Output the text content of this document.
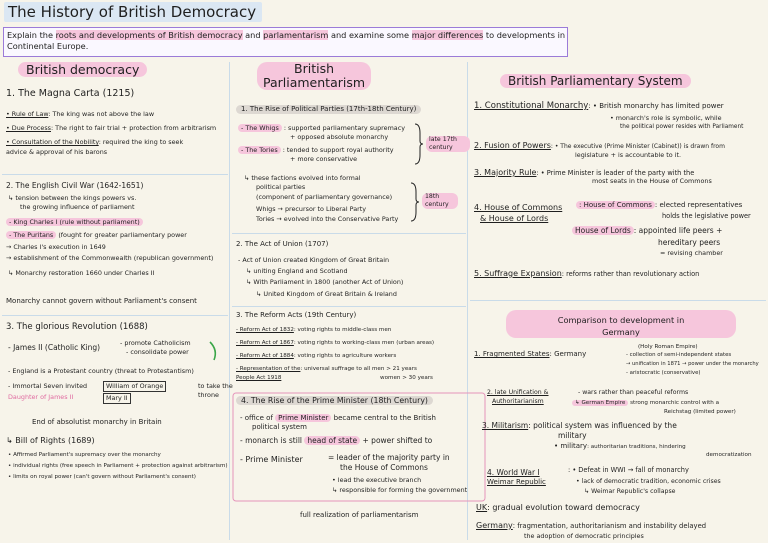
The History of British Democracy
Explain the roots and developments of British democracy and parlamentarism and examine some major differences to developments in Continental Europe.
British democracy
1. The Magna Carta (1215)
• Rule of Law: The king was not above the law
• Due Process: The right to fair trial + protection from arbitrarism
• Consultation of the Nobility: required the king to seek
advice & approval of his barons
2. The English Civil War (1642-1651)
↳ tension between the kings powers vs.
the growing influence of parliament
- King Charles I (rule without parliament)
- The Puritans (fought for greater parliamentary power
→ Charles I's execution in 1649
→ establishment of the Commonwealth (republican government)
↳ Monarchy restoration 1660 under Charles II
Monarchy cannot govern without Parliament's consent
3. The glorious Revolution (1688)
- James II (Catholic King)	- promote Catholicism
- consolidate power
- England is a Protestant country (threat to Protestantism)
- Immortal Seven invited	William of Orange	to take the throne
Daughter of James II	Mary II
End of absolutist monarchy in Britain
↳ Bill of Rights (1689)
• Affirmed Parliament's supremacy over the monarchy
• individual rights (free speech in Parliament + protection against arbitrarism)
• limits on royal power (can't govern without Parliament's consent)
British
Parliamentarism
1. The Rise of Political Parties (17th-18th Century)
- The Whigs : supported parliamentary supremacy
+ opposed absolute monarchy
- The Tories : tended to support royal authority
+ more conservative
late 17th century
↳ these factions evolved into formal
political parties
(component of parliamentary governance)
Whigs → precursor to Liberal Party
Tories → evolved into the Conservative Party
18th century
2. The Act of Union (1707)
- Act of Union created Kingdom of Great Britain
↳ uniting England and Scotland
↳ With Parliament in 1800 (another Act of Union)
↳ United Kingdom of Great Britain & Ireland
3. The Reform Acts (19th Century)
- Reform Act of 1832: voting rights to middle-class men
- Reform Act of 1867: voting rights to working-class men (urban areas)
- Reform Act of 1884: voting rights to agriculture workers
- Representation of the: universal suffrage to all men > 21 years
People Act 1918	women > 30 years
4. The Rise of the Prime Minister (18th Century)
- office of Prime Minister became central to the British
political system
- monarch is still head of state + power shifted to
- Prime Minister	= leader of the majority party in
the House of Commons
• lead the executive branch
↳ responsible for forming the government
full realization of parliamentarism
British Parliamentary System
1. Constitutional Monarchy: • British monarchy has limited power
• monarch's role is symbolic, while
the political power resides with Parliament
2. Fusion of Powers: • The executive (Prime Minister (Cabinet)) is drawn from
legislature + is accountable to it.
3. Majority Rule: • Prime Minister is leader of the party with the
most seats in the House of Commons
4. House of Commons
& House of Lords
: House of Commons : elected representatives
holds the legislative power
House of Lords : appointed life peers +
hereditary peers
= revising chamber
5. Suffrage Expansion: reforms rather than revolutionary action
Comparison to development in
Germany
(Holy Roman Empire)
1. Fragmented States: Germany	- collection of semi-independent states
→ unification in 1871 → power under the monarchy
- aristocratic (conservative)
2. late Unification &
Authoritarianism
- wars rather than peaceful reforms
↳ German Empire strong monarchic control with a
Reichstag (limited power)
3. Militarism: political system was influenced by the
military
• military: authoritarian traditions, hindering
democratization
4. World War I
Weimar Republic
: • Defeat in WWI → fall of monarchy
• lack of democratic tradition, economic crises
↳ Weimar Republic's collapse
UK: gradual evolution toward democracy
Germany: fragmentation, authoritarianism and instability delayed
the adoption of democratic principles
